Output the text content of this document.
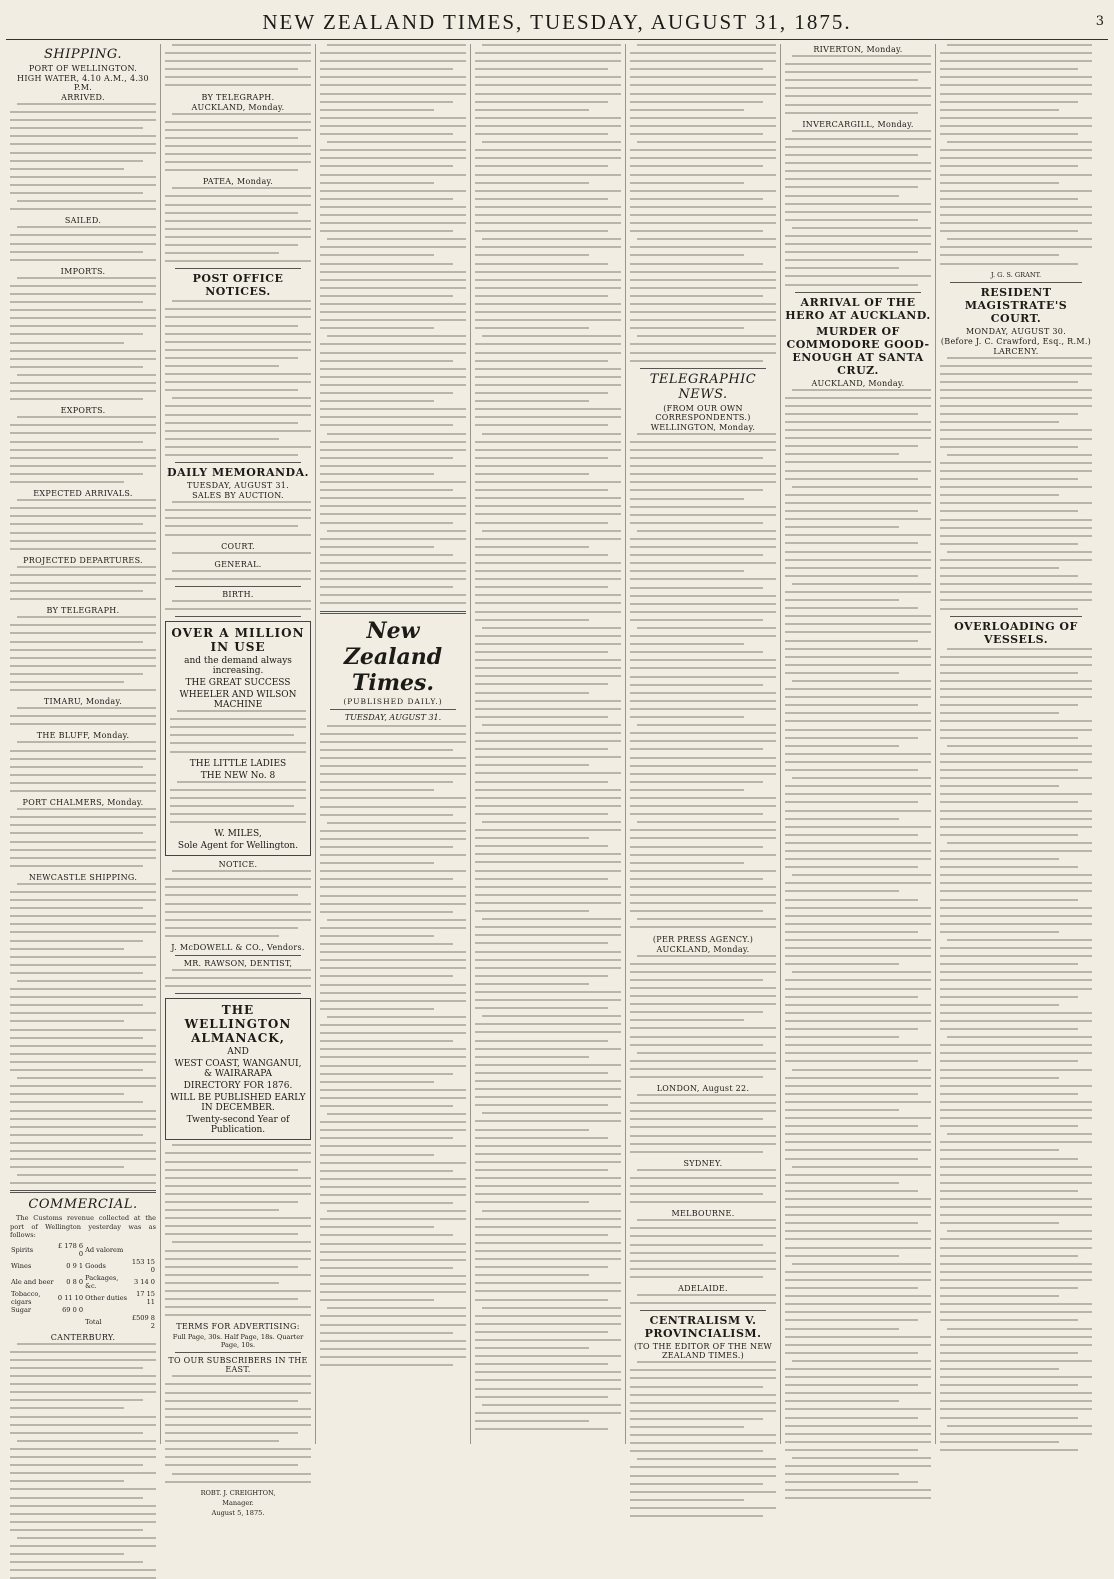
NEW ZEALAND TIMES, TUESDAY, AUGUST 31, 1875.	3
SHIPPING.
PORT OF WELLINGTON.
HIGH WATER, 4.10 A.M., 4.30 P.M.
ARRIVED.
SAILED.
IMPORTS.
EXPORTS.
EXPECTED ARRIVALS.
PROJECTED DEPARTURES.
BY TELEGRAPH.
TIMARU, Monday.
THE BLUFF, Monday.
PORT CHALMERS, Monday.
NEWCASTLE SHIPPING.
COMMERCIAL.

The Customs revenue collected at the port of Wellington yesterday was as follows:

Spirits	£ 178 6 0	Ad valorem	
Wines	0 9 1	Goods	153 15 0
Ale and beer	0 8 0	Packages, &c.	3 14 0
Tobacco, cigars	0 11 10	Other duties	17 15 11
Sugar	69 0 0		
		Total	£509 8 2
CANTERBURY.
BY TELEGRAPH.
AUCKLAND, Monday.
PATEA, Monday.
POST OFFICE NOTICES.
DAILY MEMORANDA.
TUESDAY, AUGUST 31.
SALES BY AUCTION.
COURT.
GENERAL.
BIRTH.
OVER A MILLION IN USE
and the demand always increasing.
THE GREAT SUCCESS
WHEELER AND WILSON MACHINE
THE LITTLE LADIES
THE NEW No. 8
W. MILES,
Sole Agent for Wellington.
NOTICE.
J. McDOWELL & CO., Vendors.
MR. RAWSON, DENTIST,
THE WELLINGTON ALMANACK,
AND
WEST COAST, WANGANUI, & WAIRARAPA
DIRECTORY FOR 1876.
WILL BE PUBLISHED EARLY IN DECEMBER.
Twenty-second Year of Publication.
TERMS FOR ADVERTISING:
Full Page, 30s. Half Page, 18s. Quarter Page, 10s.
TO OUR SUBSCRIBERS IN THE EAST.
ROBT. J. CREIGHTON,
Manager.
August 5, 1875.
New Zealand Times.
(PUBLISHED DAILY.)
TUESDAY, AUGUST 31.
TELEGRAPHIC NEWS.
(FROM OUR OWN CORRESPONDENTS.)
WELLINGTON, Monday.
(PER PRESS AGENCY.)
AUCKLAND, Monday.
LONDON, August 22.
SYDNEY.
MELBOURNE.
ADELAIDE.
CENTRALISM V. PROVINCIALISM.
(TO THE EDITOR OF THE NEW ZEALAND TIMES.)
RIVERTON, Monday.
INVERCARGILL, Monday.
ARRIVAL OF THE HERO AT AUCKLAND.
MURDER OF COMMODORE GOOD-ENOUGH AT SANTA CRUZ.
AUCKLAND, Monday.
J. G. S. GRANT.
RESIDENT MAGISTRATE'S COURT.
MONDAY, AUGUST 30.
(Before J. C. Crawford, Esq., R.M.)
LARCENY.
OVERLOADING OF VESSELS.
